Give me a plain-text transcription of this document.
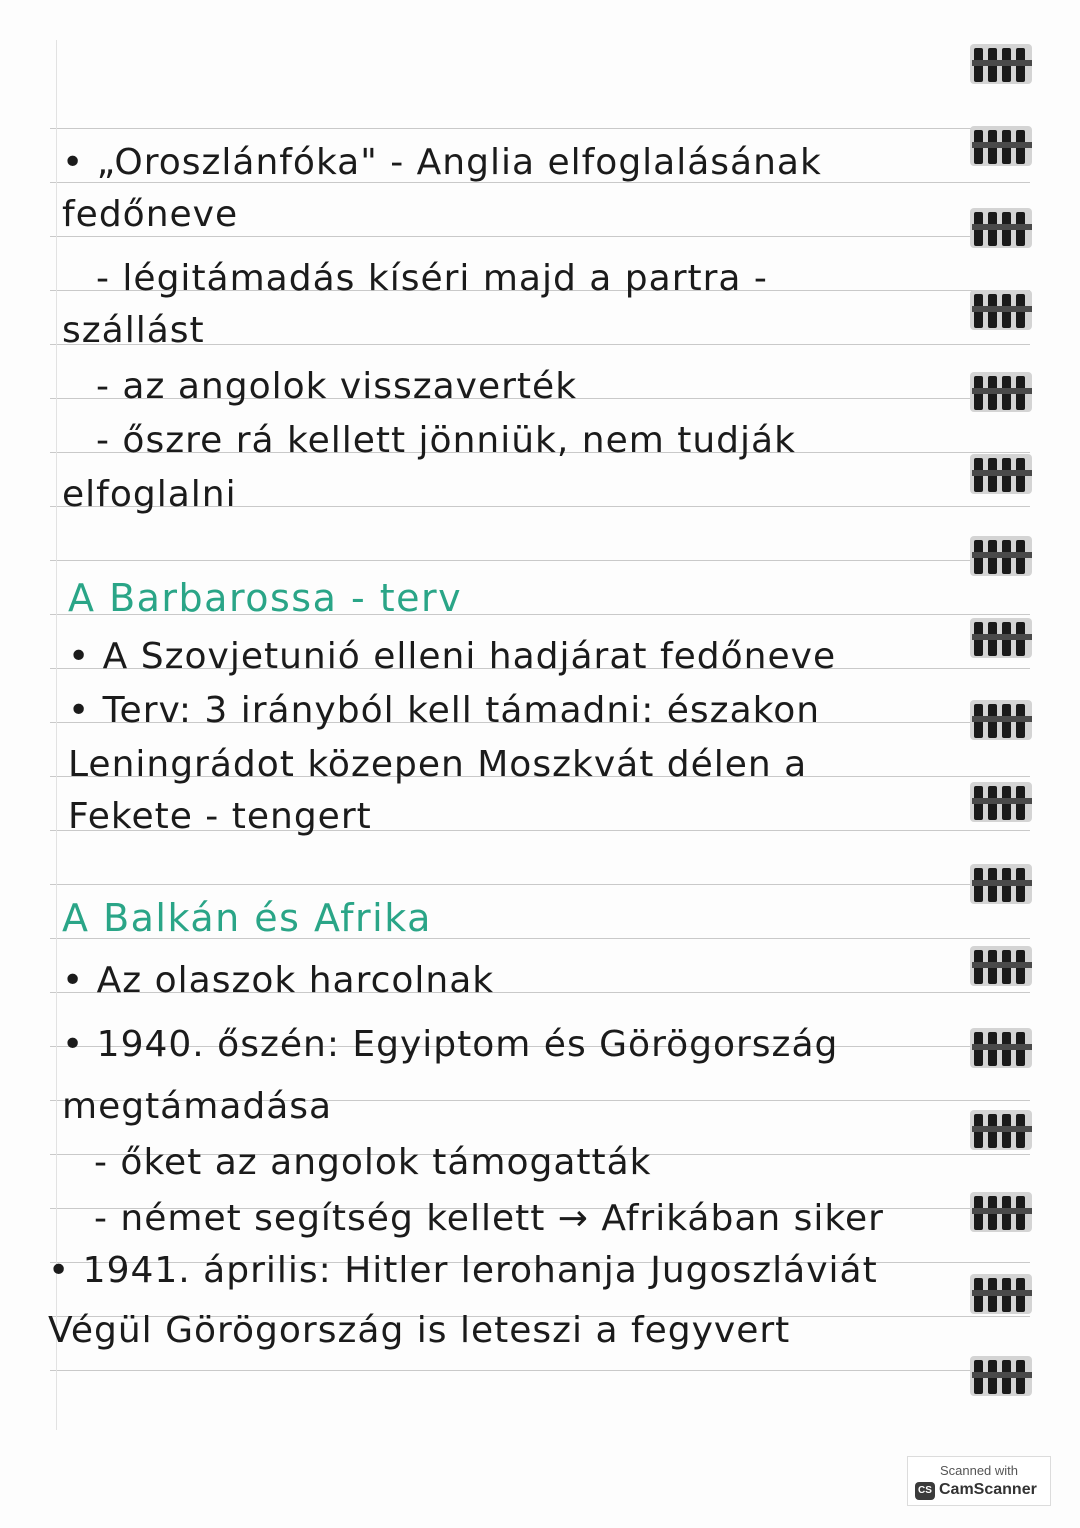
• „Oroszlánfóka" - Anglia elfoglalásának
fedőneve
- légitámadás kíséri majd a partra -
szállást
- az angolok visszaverték
- őszre rá kellett jönniük, nem tudják
elfoglalni
A Barbarossa - terv
• A Szovjetunió elleni hadjárat fedőneve
• Terv: 3 irányból kell támadni: északon
Leningrádot közepen Moszkvát délen a
Fekete - tengert
A Balkán és Afrika
• Az olaszok harcolnak
• 1940. őszén: Egyiptom és Görögország
megtámadása
- őket az angolok támogatták
- német segítség kellett → Afrikában siker
• 1941. április: Hitler lerohanja Jugoszláviát
Végül Görögország is leteszi a fegyvert
Scanned with
CS CamScanner
